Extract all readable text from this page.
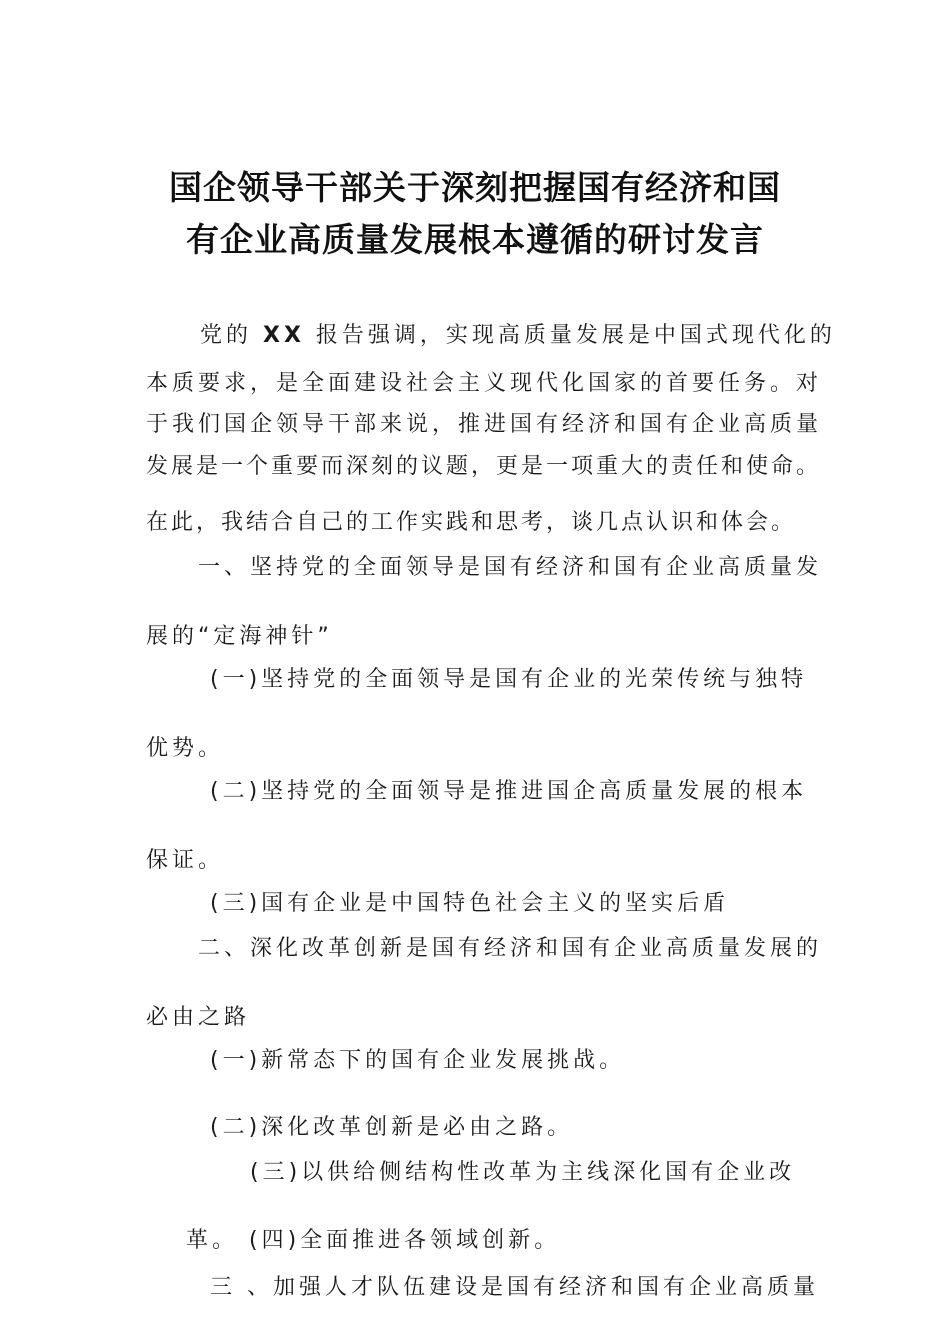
国企领导干部关于深刻把握国有经济和国
有企业高质量发展根本遵循的研讨发言
党的 XX 报告强调，实现高质量发展是中国式现代化的
本质要求，是全面建设社会主义现代化国家的首要任务。对
于我们国企领导干部来说，推进国有经济和国有企业高质量
发展是一个重要而深刻的议题，更是一项重大的责任和使命。
在此，我结合自己的工作实践和思考，谈几点认识和体会。
一、坚持党的全面领导是国有经济和国有企业高质量发
展的“定海神针”
(一)坚持党的全面领导是国有企业的光荣传统与独特
优势。
(二)坚持党的全面领导是推进国企高质量发展的根本
保证。
(三)国有企业是中国特色社会主义的坚实后盾
二、深化改革创新是国有经济和国有企业高质量发展的
必由之路
(一)新常态下的国有企业发展挑战。
(二)深化改革创新是必由之路。
(三)以供给侧结构性改革为主线深化国有企业改
革。 (四)全面推进各领域创新。
三 、加强人才队伍建设是国有经济和国有企业高质量
